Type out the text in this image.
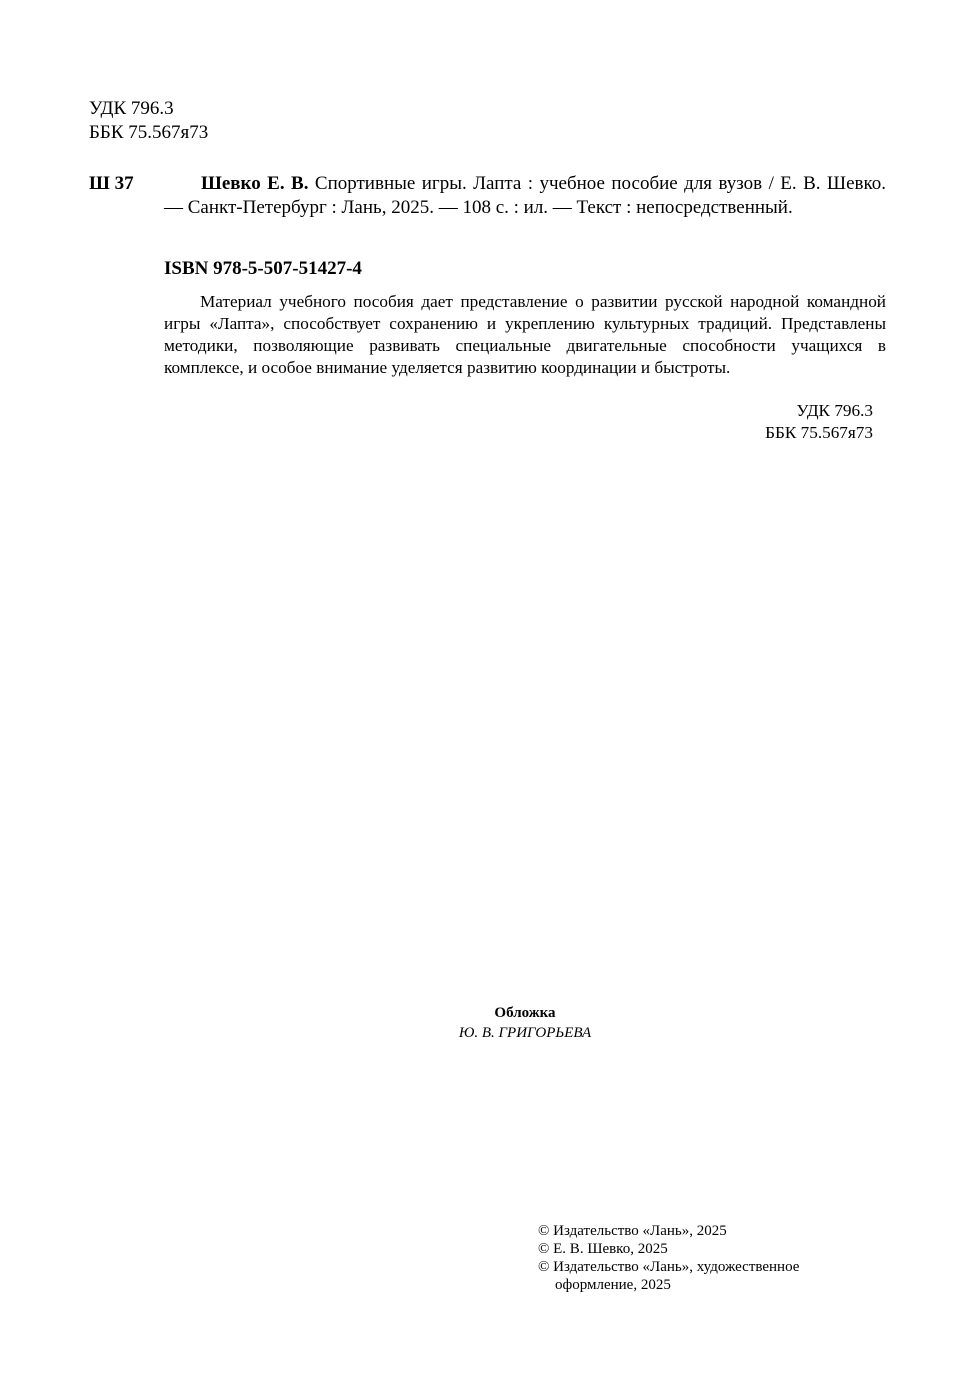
УДК 796.3
ББК 75.567я73
Ш 37	Шевко Е. В. Спортивные игры. Лапта : учебное пособие для вузов / Е. В. Шевко. — Санкт-Петербург : Лань, 2025. — 108 с. : ил. — Текст : непосредственный.
ISBN 978-5-507-51427-4
Материал учебного пособия дает представление о развитии русской народной командной игры «Лапта», способствует сохранению и укреплению культурных традиций. Представлены методики, позволяющие развивать специальные двигательные способности учащихся в комплексе, и особое внимание уделяется развитию координации и быстроты.
УДК 796.3
ББК 75.567я73
Обложка
Ю. В. ГРИГОРЬЕВА
© Издательство «Лань», 2025
© Е. В. Шевко, 2025
© Издательство «Лань», художественное
оформление, 2025
